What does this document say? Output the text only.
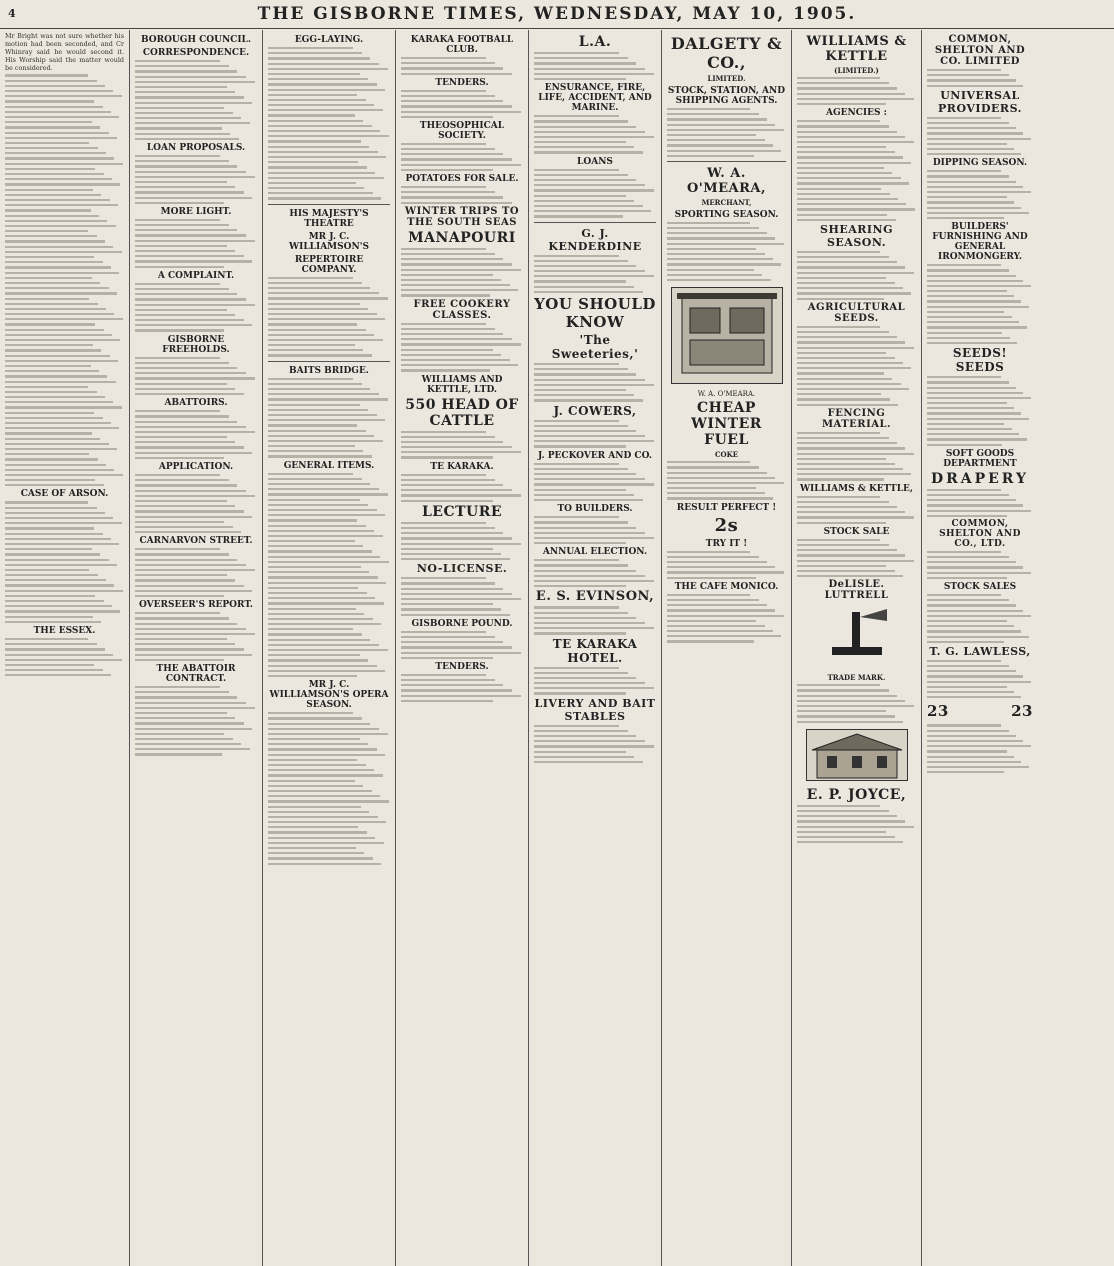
4	THE GISBORNE TIMES, WEDNESDAY, MAY 10, 1905.
Mr Bright was not sure whether his motion had been seconded, and Cr Whinray said he would second it. His Worship said the matter would be considered.
CASE OF ARSON.
THE ESSEX.
BOROUGH COUNCIL.
CORRESPONDENCE.
LOAN PROPOSALS.
MORE LIGHT.
A COMPLAINT.
GISBORNE FREEHOLDS.
ABATTOIRS.
APPLICATION.
CARNARVON STREET.
OVERSEER'S REPORT.
THE ABATTOIR CONTRACT.
EGG-LAYING.
HIS MAJESTY'S THEATRE
MR J. C. WILLIAMSON'S
REPERTOIRE COMPANY.
BAITS BRIDGE.
GENERAL ITEMS.
MR J. C. WILLIAMSON'S OPERA SEASON.
KARAKA FOOTBALL CLUB.
TENDERS.
THEOSOPHICAL SOCIETY.
POTATOES FOR SALE.
WINTER TRIPS TO THE SOUTH SEAS
MANAPOURI
FREE COOKERY CLASSES.
WILLIAMS AND KETTLE, LTD.
550 HEAD OF CATTLE
TE KARAKA.
LECTURE
NO-LICENSE.
GISBORNE POUND.
TENDERS.
L.A.
ENSURANCE, FIRE, LIFE, ACCIDENT, AND MARINE.
LOANS
G. J. KENDERDINE
YOU SHOULD KNOW
'The Sweeteries,'
J. COWERS,
J. PECKOVER AND CO.
TO BUILDERS.
ANNUAL ELECTION.
E. S. EVINSON,
TE KARAKA HOTEL.
LIVERY AND BAIT STABLES
DALGETY & CO.,
LIMITED.
STOCK, STATION, AND SHIPPING AGENTS.
W. A. O'MEARA,
MERCHANT,
SPORTING SEASON.
W. A. O'MEARA.
CHEAP WINTER FUEL
COKE
RESULT PERFECT !
2s
TRY IT !
THE CAFE MONICO.
WILLIAMS & KETTLE
(LIMITED.)
AGENCIES :
SHEARING SEASON.
AGRICULTURAL SEEDS.
FENCING MATERIAL.
WILLIAMS & KETTLE,
STOCK SALE
DeLISLE. LUTTRELL
TRADE MARK.
E. P. JOYCE,
COMMON, SHELTON AND CO. LIMITED
UNIVERSAL PROVIDERS.
DIPPING SEASON.
BUILDERS' FURNISHING AND GENERAL IRONMONGERY.
SEEDS! SEEDS
SOFT GOODS DEPARTMENT
DRAPERY
COMMON, SHELTON AND CO., LTD.
STOCK SALES
T. G. LAWLESS,
23	23
